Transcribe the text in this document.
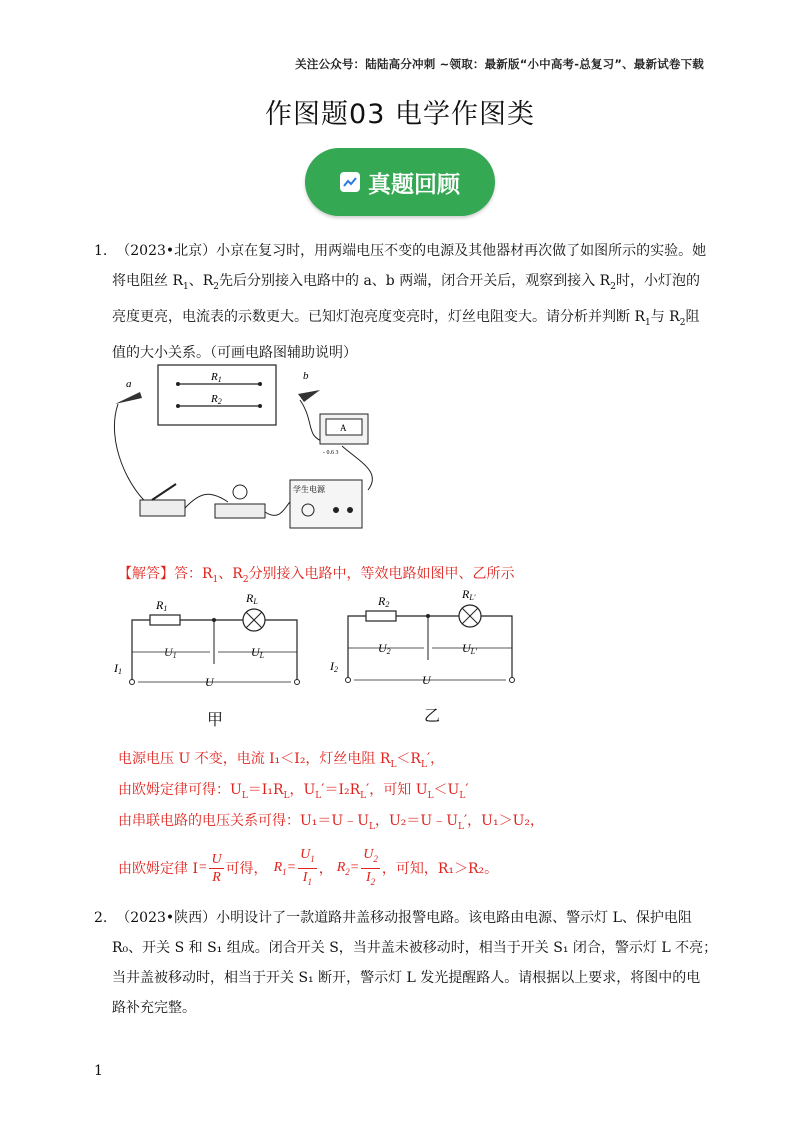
关注公众号：陆陆高分冲刺 ~领取：最新版“小中高考-总复习”、最新试卷下载
作图题03 电学作图类
真题回顾
1. （2023•北京）小京在复习时，用两端电压不变的电源及其他器材再次做了如图所示的实验。她
将电阻丝 $R_1$、$R_2$先后分别接入电路中的 a、b 两端，闭合开关后，观察到接入 $R_2$时，小灯泡的
亮度更亮，电流表的示数更大。已知灯泡亮度变亮时，灯丝电阻变大。请分析并判断 $R_1$与 $R_2$阻
值的大小关系。（可画电路图辅助说明）
R1
R2
a
b
A
- 0.6 3
学生电源
【解答】答：$R_1$、$R_2$分别接入电路中，等效电路如图甲、乙所示
R1
RL
U1	UL
I1
U
甲
R2
RL′
U2	UL′
I2
U
乙
电源电压 U 不变，电流 I₁＜I₂，灯丝电阻 $R_L<R_L'$，
由欧姆定律可得：$U_L=I_1R_L$，$U_L'=I_2R_L'$，可知 $U_L<U_L'$
由串联电路的电压关系可得：$U_1=U﹣U_L$，$U_2=U﹣U_L'$，U₁＞U₂，
由欧姆定律 $I = \frac{U}{R}$ 可得， $R_1= \frac{U_1}{I_1}$ ， $R_2= \frac{U_2}{I_2}$ ，可知，R₁＞R₂。
2. （2023•陕西）小明设计了一款道路井盖移动报警电路。该电路由电源、警示灯 L、保护电阻
R₀、开关 S 和 S₁ 组成。闭合开关 S，当井盖未被移动时，相当于开关 S₁ 闭合，警示灯 L 不亮；
当井盖被移动时，相当于开关 S₁ 断开，警示灯 L 发光提醒路人。请根据以上要求，将图中的电
路补充完整。
1
